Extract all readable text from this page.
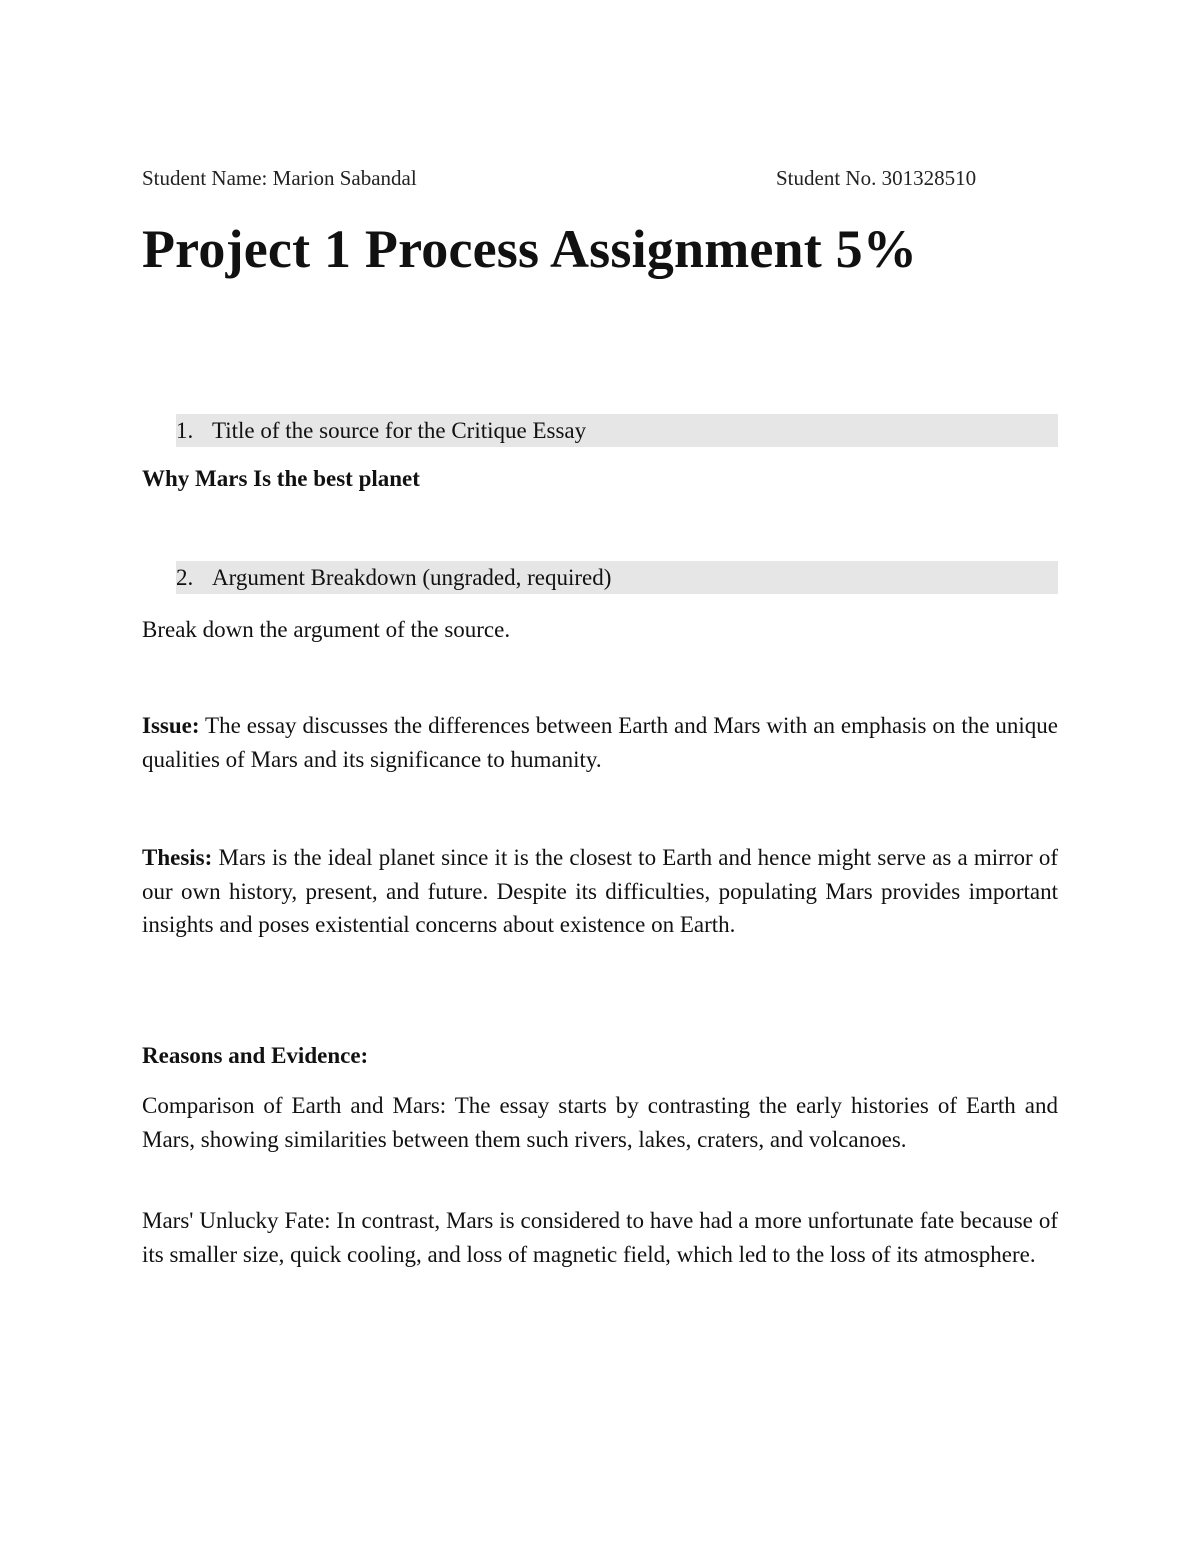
Student Name: Marion Sabandal	Student No. 301328510
Project 1 Process Assignment 5%
1. Title of the source for the Critique Essay
Why Mars Is the best planet
2. Argument Breakdown (ungraded, required)
Break down the argument of the source.
Issue: The essay discusses the differences between Earth and Mars with an emphasis on the unique qualities of Mars and its significance to humanity.
Thesis: Mars is the ideal planet since it is the closest to Earth and hence might serve as a mirror of our own history, present, and future. Despite its difficulties, populating Mars provides important insights and poses existential concerns about existence on Earth.
Reasons and Evidence:
Comparison of Earth and Mars: The essay starts by contrasting the early histories of Earth and Mars, showing similarities between them such rivers, lakes, craters, and volcanoes.
Mars' Unlucky Fate: In contrast, Mars is considered to have had a more unfortunate fate because of its smaller size, quick cooling, and loss of magnetic field, which led to the loss of its atmosphere.
